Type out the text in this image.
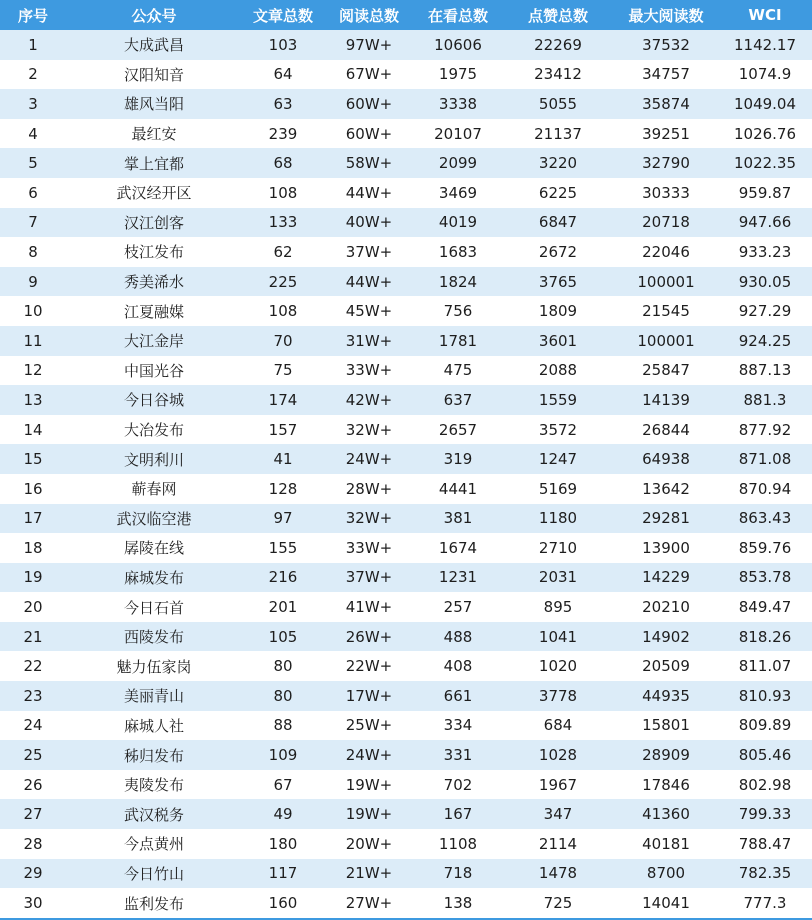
序号	公众号	文章总数	阅读总数	在看总数	点赞总数	最大阅读数	WCI
1	大成武昌	103	97W+	10606	22269	37532	1142.17
2	汉阳知音	64	67W+	1975	23412	34757	1074.9
3	雄风当阳	63	60W+	3338	5055	35874	1049.04
4	最红安	239	60W+	20107	21137	39251	1026.76
5	掌上宜都	68	58W+	2099	3220	32790	1022.35
6	武汉经开区	108	44W+	3469	6225	30333	959.87
7	汉江创客	133	40W+	4019	6847	20718	947.66
8	枝江发布	62	37W+	1683	2672	22046	933.23
9	秀美浠水	225	44W+	1824	3765	100001	930.05
10	江夏融媒	108	45W+	756	1809	21545	927.29
11	大江金岸	70	31W+	1781	3601	100001	924.25
12	中国光谷	75	33W+	475	2088	25847	887.13
13	今日谷城	174	42W+	637	1559	14139	881.3
14	大冶发布	157	32W+	2657	3572	26844	877.92
15	文明利川	41	24W+	319	1247	64938	871.08
16	蕲春网	128	28W+	4441	5169	13642	870.94
17	武汉临空港	97	32W+	381	1180	29281	863.43
18	孱陵在线	155	33W+	1674	2710	13900	859.76
19	麻城发布	216	37W+	1231	2031	14229	853.78
20	今日石首	201	41W+	257	895	20210	849.47
21	西陵发布	105	26W+	488	1041	14902	818.26
22	魅力伍家岗	80	22W+	408	1020	20509	811.07
23	美丽青山	80	17W+	661	3778	44935	810.93
24	麻城人社	88	25W+	334	684	15801	809.89
25	秭归发布	109	24W+	331	1028	28909	805.46
26	夷陵发布	67	19W+	702	1967	17846	802.98
27	武汉税务	49	19W+	167	347	41360	799.33
28	今点黄州	180	20W+	1108	2114	40181	788.47
29	今日竹山	117	21W+	718	1478	8700	782.35
30	监利发布	160	27W+	138	725	14041	777.3
